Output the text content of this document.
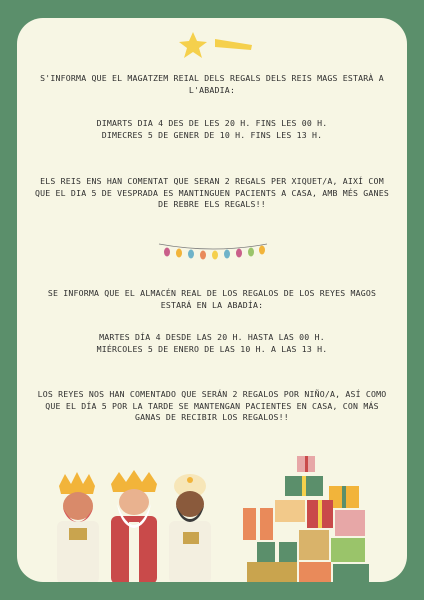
S'INFORMA QUE EL MAGATZEM REIAL DELS REGALS DELS REIS MAGS ESTARÀ A L'ABADIA:
DIMARTS DIA 4 DES DE LES 20 H. FINS LES 00 H.
DIMECRES 5 DE GENER DE 10 H. FINS LES 13 H.
ELS REIS ENS HAN COMENTAT QUE SERAN 2 REGALS PER XIQUET/A, AIXÍ COM QUE EL DIA 5 DE VESPRADA ES MANTINGUEN PACIENTS A CASA, AMB MÉS GANES DE REBRE ELS REGALS!!
SE INFORMA QUE EL ALMACÉN REAL DE LOS REGALOS DE LOS REYES MAGOS ESTARÁ EN LA ABADÍA:
MARTES DÍA 4 DESDE LAS 20 H. HASTA LAS 00 H.
MIÉRCOLES 5 DE ENERO DE LAS 10 H. A LAS 13 H.
LOS REYES NOS HAN COMENTADO QUE SERÁN 2 REGALOS POR NIÑO/A, ASÍ COMO QUE EL DÍA 5 POR LA TARDE SE MANTENGAN PACIENTES EN CASA, CON MÁS GANAS DE RECIBIR LOS REGALOS!!
